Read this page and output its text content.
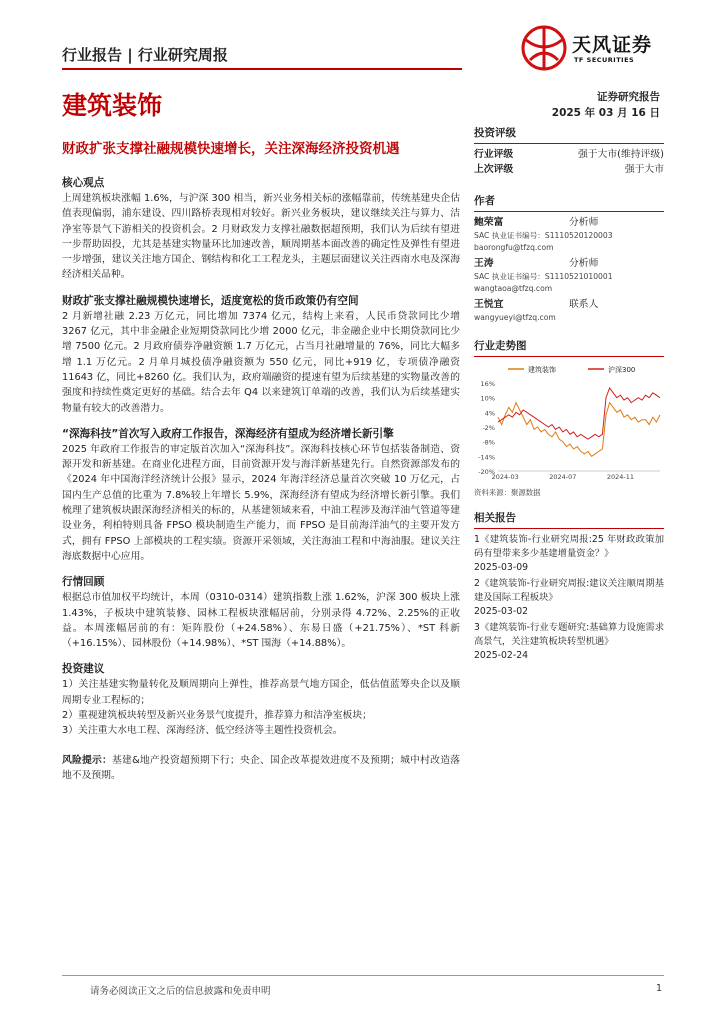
行业报告 | 行业研究周报	天风证券
TF SECURITIES
建筑装饰	证券研究报告
2025 年 03 月 16 日
财政扩张支撑社融规模快速增长，关注深海经济投资机遇

核心观点

上周建筑板块涨幅 1.6%，与沪深 300 相当，新兴业务相关标的涨幅靠前，传统基建央企估值表现偏弱，浦东建设、四川路桥表现相对较好。新兴业务板块，建议继续关注与算力、洁净室等景气下游相关的投资机会。2 月财政发力支撑社融数据超预期，我们认为后续有望进一步帮助固投，尤其是基建实物量环比加速改善，顺周期基本面改善的确定性及弹性有望进一步增强，建议关注地方国企、钢结构和化工工程龙头，主题层面建议关注西南水电及深海经济相关品种。

财政扩张支撑社融规模快速增长，适度宽松的货币政策仍有空间

2 月新增社融 2.23 万亿元，同比增加 7374 亿元，结构上来看，人民币贷款同比少增 3267 亿元，其中非金融企业短期贷款同比少增 2000 亿元，非金融企业中长期贷款同比少增 7500 亿元。2 月政府债券净融资额 1.7 万亿元，占当月社融增量的 76%，同比大幅多增 1.1 万亿元。2 月单月城投债净融资额为 550 亿元，同比+919 亿，专项债净融资 11643 亿，同比+8260 亿。我们认为，政府端融资的提速有望为后续基建的实物量改善的强度和持续性奠定更好的基础。结合去年 Q4 以来建筑订单端的改善，我们认为后续基建实物量有较大的改善潜力。

“深海科技”首次写入政府工作报告，深海经济有望成为经济增长新引擎

2025 年政府工作报告的审定版首次加入“深海科技”。深海科技核心环节包括装备制造、资源开发和新基建。在商业化进程方面，目前资源开发与海洋新基建先行。自然资源部发布的《2024 年中国海洋经济统计公报》显示，2024 年海洋经济总量首次突破 10 万亿元，占国内生产总值的比重为 7.8%较上年增长 5.9%，深海经济有望成为经济增长新引擎。我们梳理了建筑板块跟深海经济相关的标的，从基建领域来看，中油工程涉及海洋油气管道等建设业务，利柏特则具备 FPSO 模块制造生产能力，而 FPSO 是目前海洋油气的主要开发方式，拥有 FPSO 上部模块的工程实绩。资源开采领域，关注海油工程和中海油服。建议关注海底数据中心应用。

行情回顾

根据总市值加权平均统计，本周（0310-0314）建筑指数上涨 1.62%，沪深 300 板块上涨 1.43%，子板块中建筑装修、园林工程板块涨幅居前，分别录得 4.72%、2.25%的正收益。本周涨幅居前的有：矩阵股份（+24.58%）、东易日盛（+21.75%）、*ST 科新（+16.15%）、园林股份（+14.98%）、*ST 围海（+14.88%）。

投资建议

1）关注基建实物量转化及顺周期向上弹性，推荐高景气地方国企，低估值蓝筹央企以及顺周期专业工程标的；

2）重视建筑板块转型及新兴业务景气度提升，推荐算力和洁净室板块；

3）关注重大水电工程、深海经济、低空经济等主题性投资机会。

风险提示：基建&地产投资超预期下行；央企、国企改革提效进度不及预期；城中村改造落地不及预期。

投资评级
行业评级	强于大市(维持评级)
上次评级	强于大市
作者
鲍荣富	分析师
SAC 执业证书编号：S1110520120003
baorongfu@tfzq.com
王涛	分析师
SAC 执业证书编号：S1110521010001
wangtaoa@tfzq.com
王悦宜	联系人
wangyueyi@tfzq.com
行业走势图
16%
10%
4%
-2%
-8%
-14%
-20%
2024-03	2024-07	2024-11
建筑装饰	沪深300
资料来源：聚源数据
相关报告
1《建筑装饰-行业研究周报:25 年财政政策加码有望带来多少基建增量资金？》
2025-03-09
2《建筑装饰-行业研究周报:建议关注顺周期基建及国际工程板块》
2025-03-02
3《建筑装饰-行业专题研究:基础算力设施需求高景气，关注建筑板块转型机遇》
2025-02-24
请务必阅读正文之后的信息披露和免责申明	1
